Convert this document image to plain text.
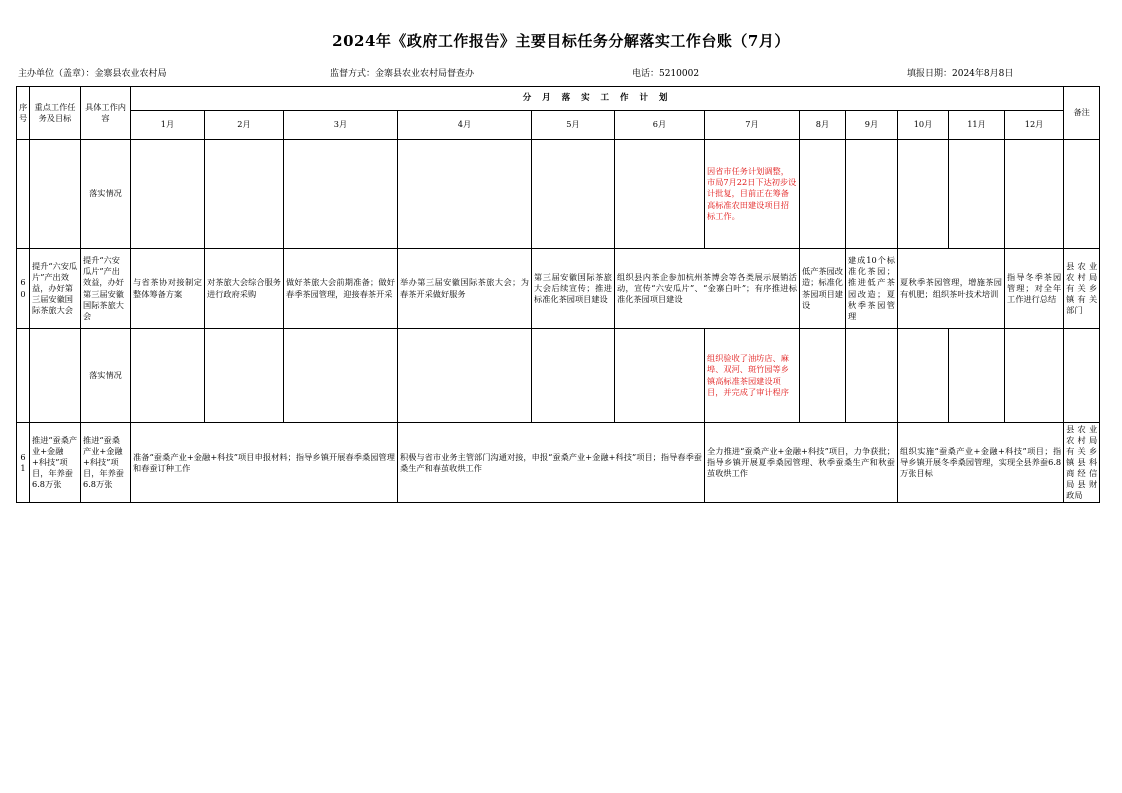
2024年《政府工作报告》主要目标任务分解落实工作台账（7月）
主办单位（盖章）：金寨县农业农村局	监督方式：金寨县农业农村局督查办	电话：5210002	填报日期：2024年8月8日
序号	重点工作任务及目标	具体工作内容	分 月 落 实 工 作 计 划												备注
			1月	2月	3月	4月	5月	6月	7月	8月	9月	10月	11月	12月	
		落实情况							因省市任务计划调整，市局7月22日下达初步设计批复，目前正在筹备高标准农田建设项目招标工作。						
60	提升“六安瓜片”产出效益，办好第三届安徽国际茶旅大会	提升“六安瓜片”产出效益，办好第三届安徽国际茶旅大会	与省茶协对接制定整体筹备方案	对茶旅大会综合服务进行政府采购	做好茶旅大会前期准备；做好春季茶园管理，迎接春茶开采	举办第三届安徽国际茶旅大会；为春茶开采做好服务	第三届安徽国际茶旅大会后续宣传；推进标准化茶园项目建设	组织县内茶企参加杭州茶博会等各类展示展销活动，宣传“六安瓜片”、“金寨白叶”；有序推进标准化茶园项目建设		低产茶园改造；标准化茶园项目建设	建成10个标准化茶园；推进低产茶园改造；夏秋季茶园管理	夏秋季茶园管理，增施茶园有机肥；组织茶叶技术培训		指导冬季茶园管理；对全年工作进行总结	县农业农村局有关乡镇有关部门
		落实情况							组织验收了油坊店、麻埠、双河、斑竹园等乡镇高标准茶园建设项目，并完成了审计程序						
61	推进“蚕桑产业+金融+科技”项目，年养蚕6.8万张	推进“蚕桑产业+金融+科技”项目，年养蚕6.8万张	准备“蚕桑产业+金融+科技”项目申报材料；指导乡镇开展春季桑园管理和春蚕订种工作			积极与省市业务主管部门沟通对接，申报“蚕桑产业+金融+科技”项目；指导春季蚕桑生产和春茧收烘工作			全力推进“蚕桑产业+金融+科技”项目，力争获批；指导乡镇开展夏季桑园管理、秋季蚕桑生产和秋蚕茧收烘工作			组织实施“蚕桑产业+金融+科技”项目；指导乡镇开展冬季桑园管理，实现全县养蚕6.8万张目标			县农业农村局有关乡镇县科商经信局县财政局
